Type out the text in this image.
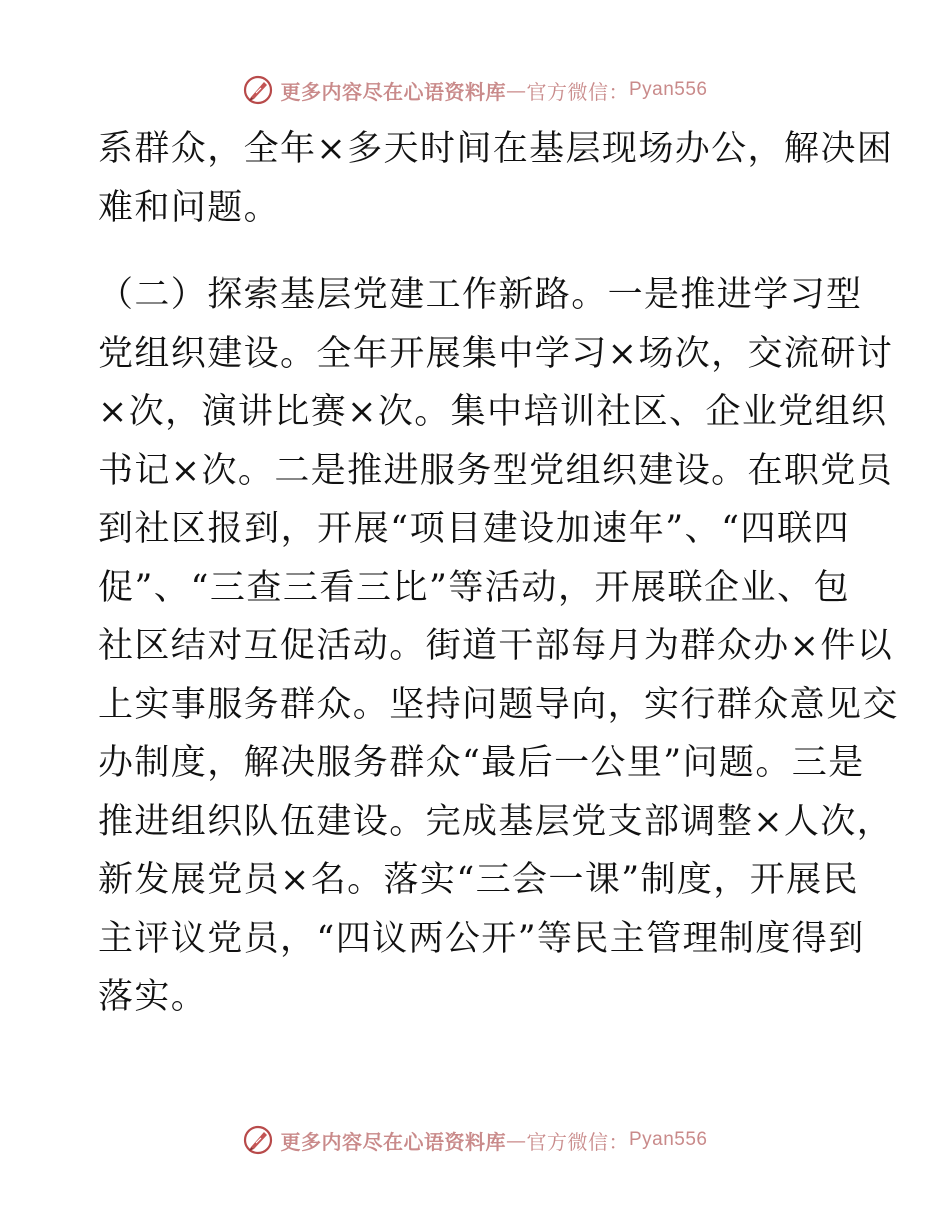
更多内容尽在心语资料库 — 官方微信： Pyan556
系群众，全年×多天时间在基层现场办公，解决困
难和问题。
（二）探索基层党建工作新路。一是推进学习型
党组织建设。全年开展集中学习×场次，交流研讨
×次，演讲比赛×次。集中培训社区、企业党组织
书记×次。二是推进服务型党组织建设。在职党员
到社区报到，开展“项目建设加速年”、“四联四
促”、“三查三看三比”等活动，开展联企业、包
社区结对互促活动。街道干部每月为群众办×件以
上实事服务群众。坚持问题导向，实行群众意见交
办制度，解决服务群众“最后一公里”问题。三是
推进组织队伍建设。完成基层党支部调整×人次，
新发展党员×名。落实“三会一课”制度，开展民
主评议党员，“四议两公开”等民主管理制度得到
落实。
更多内容尽在心语资料库 — 官方微信： Pyan556
